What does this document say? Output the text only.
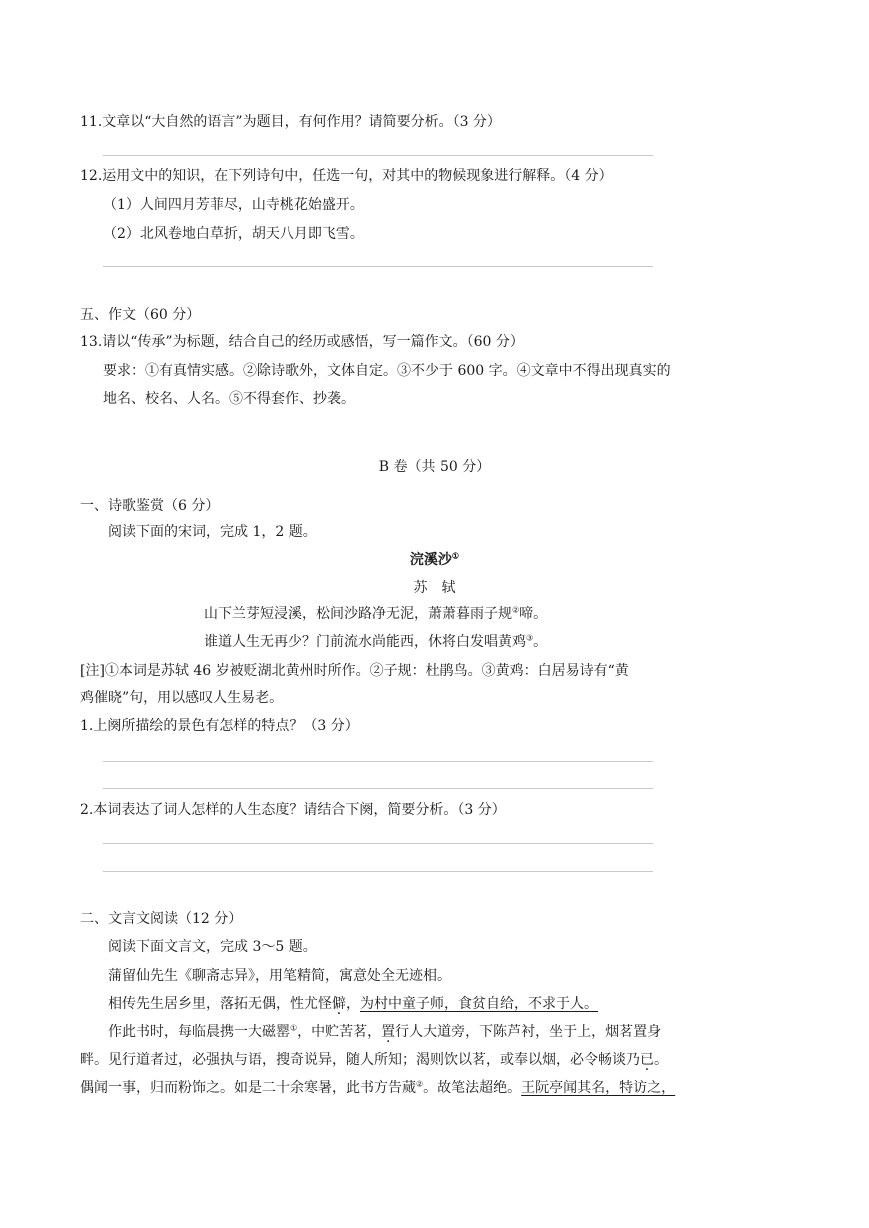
11.文章以“大自然的语言”为题目，有何作用？请简要分析。（3 分）
12.运用文中的知识，在下列诗句中，任选一句，对其中的物候现象进行解释。（4 分）
（1）人间四月芳菲尽，山寺桃花始盛开。
（2）北风卷地白草折，胡天八月即飞雪。
五、作文（60 分）
13.请以“传承”为标题，结合自己的经历或感悟，写一篇作文。（60 分）
要求：①有真情实感。②除诗歌外，文体自定。③不少于 600 字。④文章中不得出现真实的
地名、校名、人名。⑤不得套作、抄袭。
B 卷（共 50 分）
一、诗歌鉴赏（6 分）
阅读下面的宋词，完成 1，2 题。
浣溪沙①
苏　轼
山下兰芽短浸溪，松间沙路净无泥，萧萧暮雨子规②啼。
谁道人生无再少？门前流水尚能西，休将白发唱黄鸡③。
[注]①本词是苏轼 46 岁被贬湖北黄州时所作。②子规：杜鹃鸟。③黄鸡：白居易诗有“黄
鸡催晓”句，用以感叹人生易老。
1.上阕所描绘的景色有怎样的特点？（3 分）
2.本词表达了词人怎样的人生态度？请结合下阕，简要分析。（3 分）
二、文言文阅读（12 分）
阅读下面文言文，完成 3～5 题。
蒲留仙先生《聊斋志异》，用笔精简，寓意处全无迹相。
相传先生居乡里，落拓无偶，性尤怪僻，为村中童子师，食贫自给，不求于人。
作此书时，每临晨携一大磁罂①，中贮苦茗，置行人大道旁，下陈芦衬，坐于上，烟茗置身
畔。见行道者过，必强执与语，搜奇说异，随人所知；渴则饮以茗，或奉以烟，必令畅谈乃已。
偶闻一事，归而粉饰之。如是二十余寒暑，此书方告蒇②。故笔法超绝。王阮亭闻其名，特访之，
